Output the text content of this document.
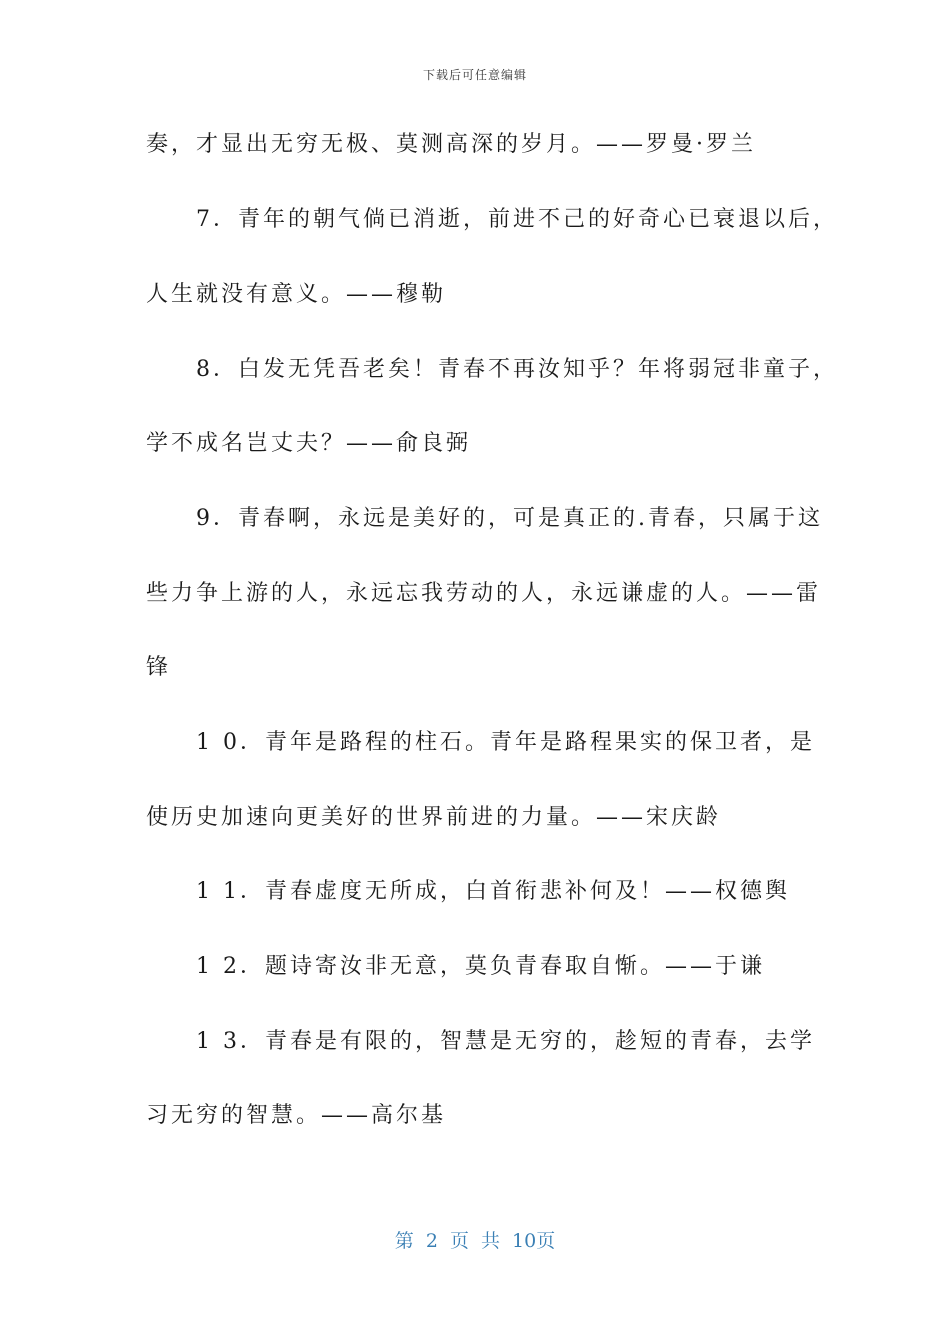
下载后可任意编辑
奏，才显出无穷无极、莫测高深的岁月。——罗曼·罗兰
7．青年的朝气倘已消逝，前进不己的好奇心已衰退以后，
人生就没有意义。——穆勒
8．白发无凭吾老矣！青春不再汝知乎？年将弱冠非童子，
学不成名岂丈夫？——俞良弼
9．青春啊，永远是美好的，可是真正的.青春，只属于这
些力争上游的人，永远忘我劳动的人，永远谦虚的人。——雷
锋
1 0．青年是路程的柱石。青年是路程果实的保卫者，是
使历史加速向更美好的世界前进的力量。——宋庆龄
1 1．青春虚度无所成，白首衔悲补何及！——权德舆
1 2．题诗寄汝非无意，莫负青春取自惭。——于谦
1 3．青春是有限的，智慧是无穷的，趁短的青春，去学
习无穷的智慧。——高尔基
第 2 页 共 10页
